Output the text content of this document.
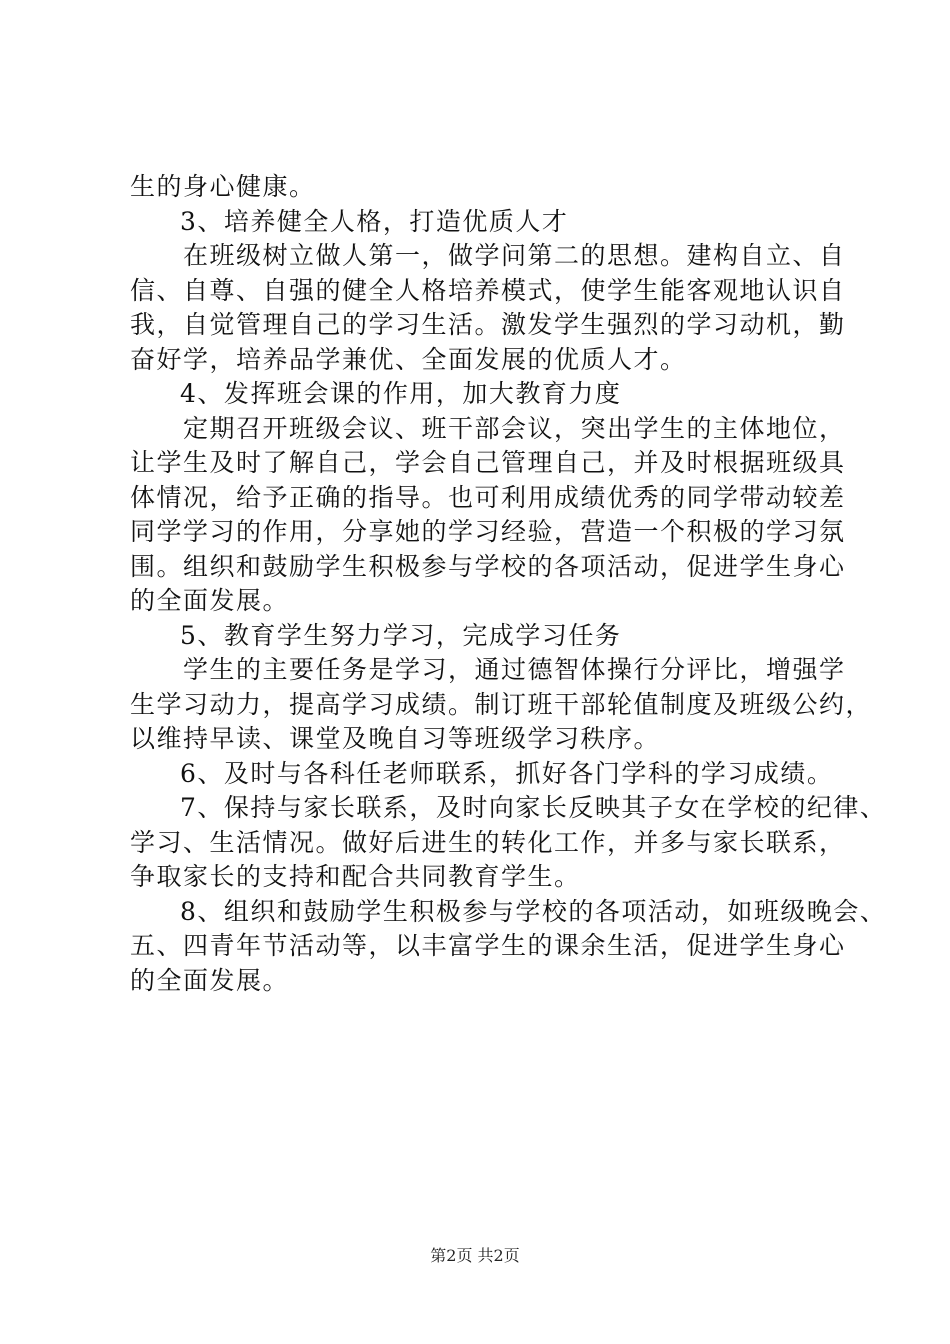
生的身心健康。
3、培养健全人格，打造优质人才
在班级树立做人第一，做学问第二的思想。建构自立、自
信、自尊、自强的健全人格培养模式，使学生能客观地认识自
我，自觉管理自己的学习生活。激发学生强烈的学习动机，勤
奋好学，培养品学兼优、全面发展的优质人才。
4、发挥班会课的作用，加大教育力度
定期召开班级会议、班干部会议，突出学生的主体地位，
让学生及时了解自己，学会自己管理自己，并及时根据班级具
体情况，给予正确的指导。也可利用成绩优秀的同学带动较差
同学学习的作用，分享她的学习经验，营造一个积极的学习氛
围。组织和鼓励学生积极参与学校的各项活动，促进学生身心
的全面发展。
5、教育学生努力学习，完成学习任务
学生的主要任务是学习，通过德智体操行分评比，增强学
生学习动力，提高学习成绩。制订班干部轮值制度及班级公约，
以维持早读、课堂及晚自习等班级学习秩序。
6、及时与各科任老师联系，抓好各门学科的学习成绩。
7、保持与家长联系，及时向家长反映其子女在学校的纪律、
学习、生活情况。做好后进生的转化工作，并多与家长联系，
争取家长的支持和配合共同教育学生。
8、组织和鼓励学生积极参与学校的各项活动，如班级晚会、
五、四青年节活动等，以丰富学生的课余生活，促进学生身心
的全面发展。
第2页 共2页
